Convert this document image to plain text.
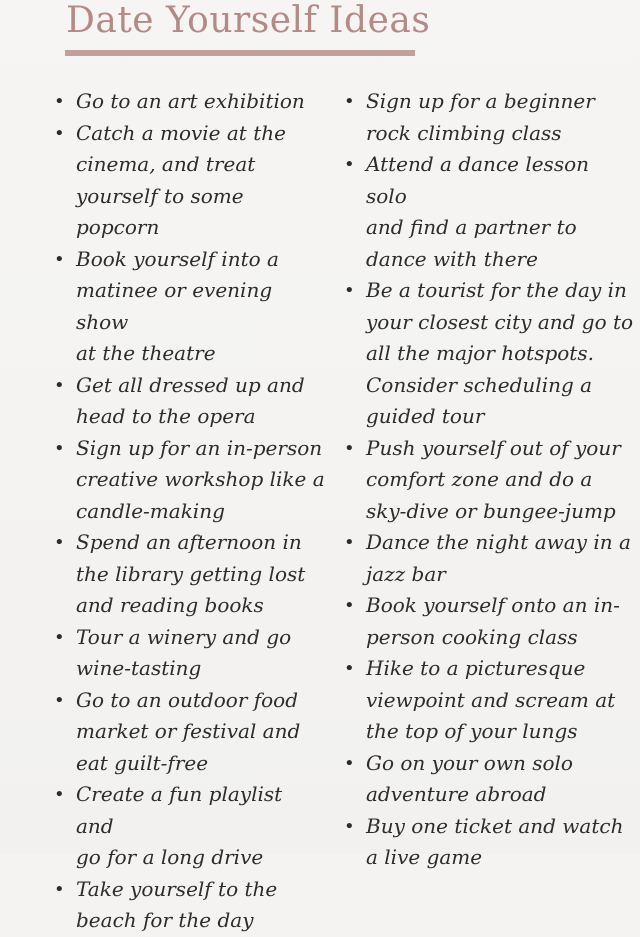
Date Yourself Ideas
• Go to an art exhibition
• Catch a movie at the
cinema, and treat
yourself to some popcorn
• Book yourself into a
matinee or evening show
at the theatre
• Get all dressed up and
head to the opera
• Sign up for an in-person
creative workshop like a
candle-making
• Spend an afternoon in
the library getting lost
and reading books
• Tour a winery and go
wine-tasting
• Go to an outdoor food
market or festival and
eat guilt-free
• Create a fun playlist and
go for a long drive
• Take yourself to the
beach for the day
• Sign up for a beginner
rock climbing class
• Attend a dance lesson solo
and find a partner to
dance with there
• Be a tourist for the day in
your closest city and go to
all the major hotspots.
Consider scheduling a
guided tour
• Push yourself out of your
comfort zone and do a
sky-dive or bungee-jump
• Dance the night away in a
jazz bar
• Book yourself onto an in-
person cooking class
• Hike to a picturesque
viewpoint and scream at
the top of your lungs
• Go on your own solo
adventure abroad
• Buy one ticket and watch
a live game
